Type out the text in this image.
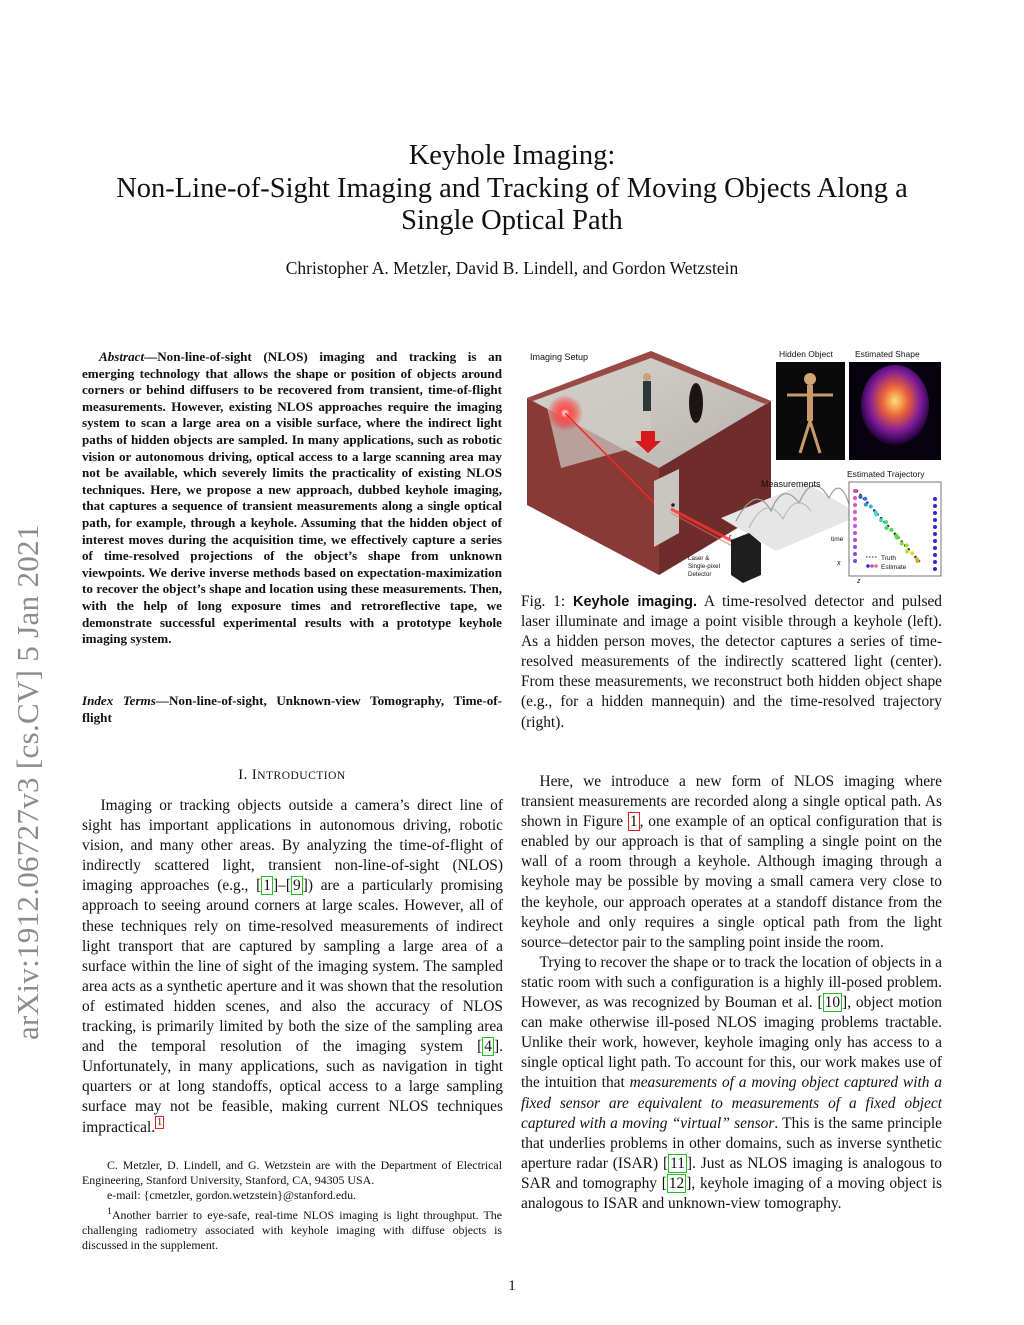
arXiv:1912.06727v3 [cs.CV] 5 Jan 2021
Keyhole Imaging:
Non-Line-of-Sight Imaging and Tracking of Moving Objects Along a
Single Optical Path
Christopher A. Metzler, David B. Lindell, and Gordon Wetzstein

Abstract—Non-line-of-sight (NLOS) imaging and tracking is an emerging technology that allows the shape or position of objects around corners or behind diffusers to be recovered from transient, time-of-flight measurements. However, existing NLOS approaches require the imaging system to scan a large area on a visible surface, where the indirect light paths of hidden objects are sampled. In many applications, such as robotic vision or autonomous driving, optical access to a large scanning area may not be available, which severely limits the practicality of existing NLOS techniques. Here, we propose a new approach, dubbed keyhole imaging, that captures a sequence of transient measurements along a single optical path, for example, through a keyhole. Assuming that the hidden object of interest moves during the acquisition time, we effectively capture a series of time-resolved projections of the object’s shape from unknown viewpoints. We derive inverse methods based on expectation-maximization to recover the object’s shape and location using these measurements. Then, with the help of long exposure times and retroreflective tape, we demonstrate successful experimental results with a prototype keyhole imaging system.

Index Terms—Non-line-of-sight, Unknown-view Tomography, Time-of-flight
I. INTRODUCTION

Imaging or tracking objects outside a camera’s direct line of sight has important applications in autonomous driving, robotic vision, and many other areas. By analyzing the time-of-flight of indirectly scattered light, transient non-line-of-sight (NLOS) imaging approaches (e.g., [ 1 ]–[ 9 ]) are a particularly promising approach to seeing around corners at large scales. However, all of these techniques rely on time-resolved measurements of indirect light transport that are captured by sampling a large area of a surface within the line of sight of the imaging system. The sampled area acts as a synthetic aperture and it was shown that the resolution of estimated hidden scenes, and also the accuracy of NLOS tracking, is primarily limited by both the size of the sampling area and the temporal resolution of the imaging system [ 4 ]. Unfortunately, in many applications, such as navigation in tight quarters or at long standoffs, optical access to a large sampling surface may not be feasible, making current NLOS techniques impractical. $^1$

C. Metzler, D. Lindell, and G. Wetzstein are with the Department of Electrical Engineering, Stanford University, Stanford, CA, 94305 USA.

e-mail: {cmetzler, gordon.wetzstein}@stanford.edu.

$^1$Another barrier to eye-safe, real-time NLOS imaging is light throughput. The challenging radiometry associated with keyhole imaging with diffuse objects is discussed in the supplement.

Measurements
time
r
Laser &
Single-pixel
Detector
Imaging Setup	Hidden Object	Estimated Shape
Estimated Trajectory
Truth
Estimate
x
z
Fig. 1: Keyhole imaging. A time-resolved detector and pulsed laser illuminate and image a point visible through a keyhole (left). As a hidden person moves, the detector captures a series of time-resolved measurements of the indirectly scattered light (center). From these measurements, we reconstruct both hidden object shape (e.g., for a hidden mannequin) and the time-resolved trajectory (right).

Here, we introduce a new form of NLOS imaging where transient measurements are recorded along a single optical path. As shown in Figure 1 , one example of an optical configuration that is enabled by our approach is that of sampling a single point on the wall of a room through a keyhole. Although imaging through a keyhole may be possible by moving a small camera very close to the keyhole, our approach operates at a standoff distance from the keyhole and only requires a single optical path from the light source–detector pair to the sampling point inside the room.

Trying to recover the shape or to track the location of objects in a static room with such a configuration is a highly ill-posed problem. However, as was recognized by Bouman et al. [ 10 ], object motion can make otherwise ill-posed NLOS imaging problems tractable. Unlike their work, however, keyhole imaging only has access to a single optical light path. To account for this, our work makes use of the intuition that measurements of a moving object captured with a fixed sensor are equivalent to measurements of a fixed object captured with a moving “virtual” sensor. This is the same principle that underlies problems in other domains, such as inverse synthetic aperture radar (ISAR) [ 11 ]. Just as NLOS imaging is analogous to SAR and tomography [ 12 ], keyhole imaging of a moving object is analogous to ISAR and unknown-view tomography.

1
